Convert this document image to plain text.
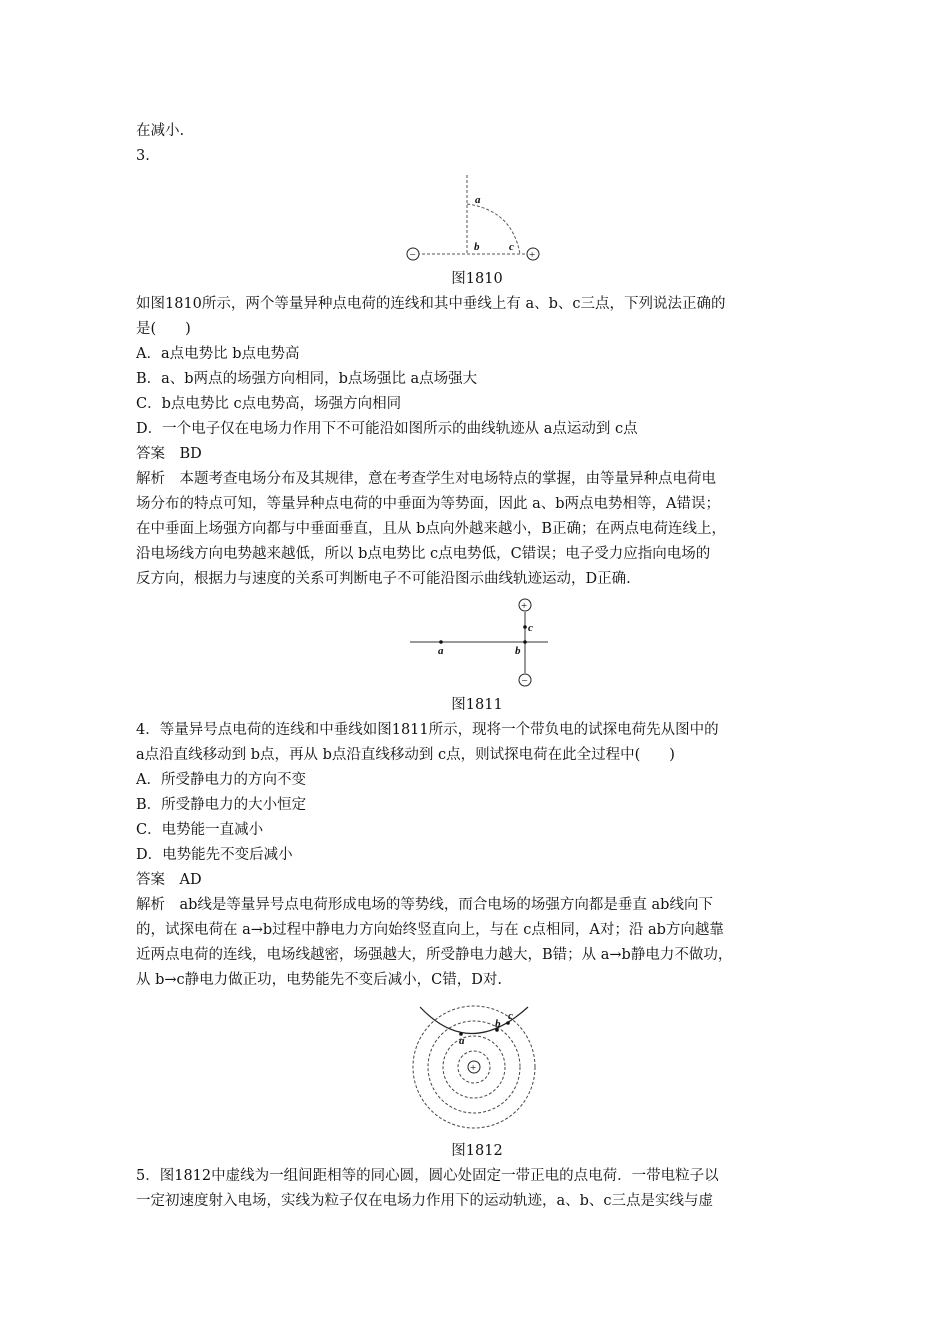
在减小.
3.
−	+
a
b	c
图1810
如图1810所示，两个等量异种点电荷的连线和其中垂线上有 a、b、c三点，下列说法正确的
是(　　)
A．a点电势比 b点电势高
B．a、b两点的场强方向相同，b点场强比 a点场强大
C．b点电势比 c点电势高，场强方向相同
D．一个电子仅在电场力作用下不可能沿如图所示的曲线轨迹从 a点运动到 c点
答案　BD
解析　本题考查电场分布及其规律，意在考查学生对电场特点的掌握，由等量异种点电荷电
场分布的特点可知，等量异种点电荷的中垂面为等势面，因此 a、b两点电势相等，A错误；
在中垂面上场强方向都与中垂面垂直，且从 b点向外越来越小，B正确；在两点电荷连线上，
沿电场线方向电势越来越低，所以 b点电势比 c点电势低，C错误；电子受力应指向电场的
反方向，根据力与速度的关系可判断电子不可能沿图示曲线轨迹运动，D正确.
+
−
a	b
c
图1811
4．等量异号点电荷的连线和中垂线如图1811所示，现将一个带负电的试探电荷先从图中的
a点沿直线移动到 b点，再从 b点沿直线移动到 c点，则试探电荷在此全过程中(　　)
A．所受静电力的方向不变
B．所受静电力的大小恒定
C．电势能一直减小
D．电势能先不变后减小
答案　AD
解析　ab线是等量异号点电荷形成电场的等势线，而合电场的场强方向都是垂直 ab线向下
的，试探电荷在 a→b过程中静电力方向始终竖直向上，与在 c点相同，A对；沿 ab方向越靠
近两点电荷的连线，电场线越密，场强越大，所受静电力越大，B错；从 a→b静电力不做功，
从 b→c静电力做正功，电势能先不变后减小，C错，D对.
+
a
b
c
图1812
5．图1812中虚线为一组间距相等的同心圆，圆心处固定一带正电的点电荷．一带电粒子以
一定初速度射入电场，实线为粒子仅在电场力作用下的运动轨迹，a、b、c三点是实线与虚
